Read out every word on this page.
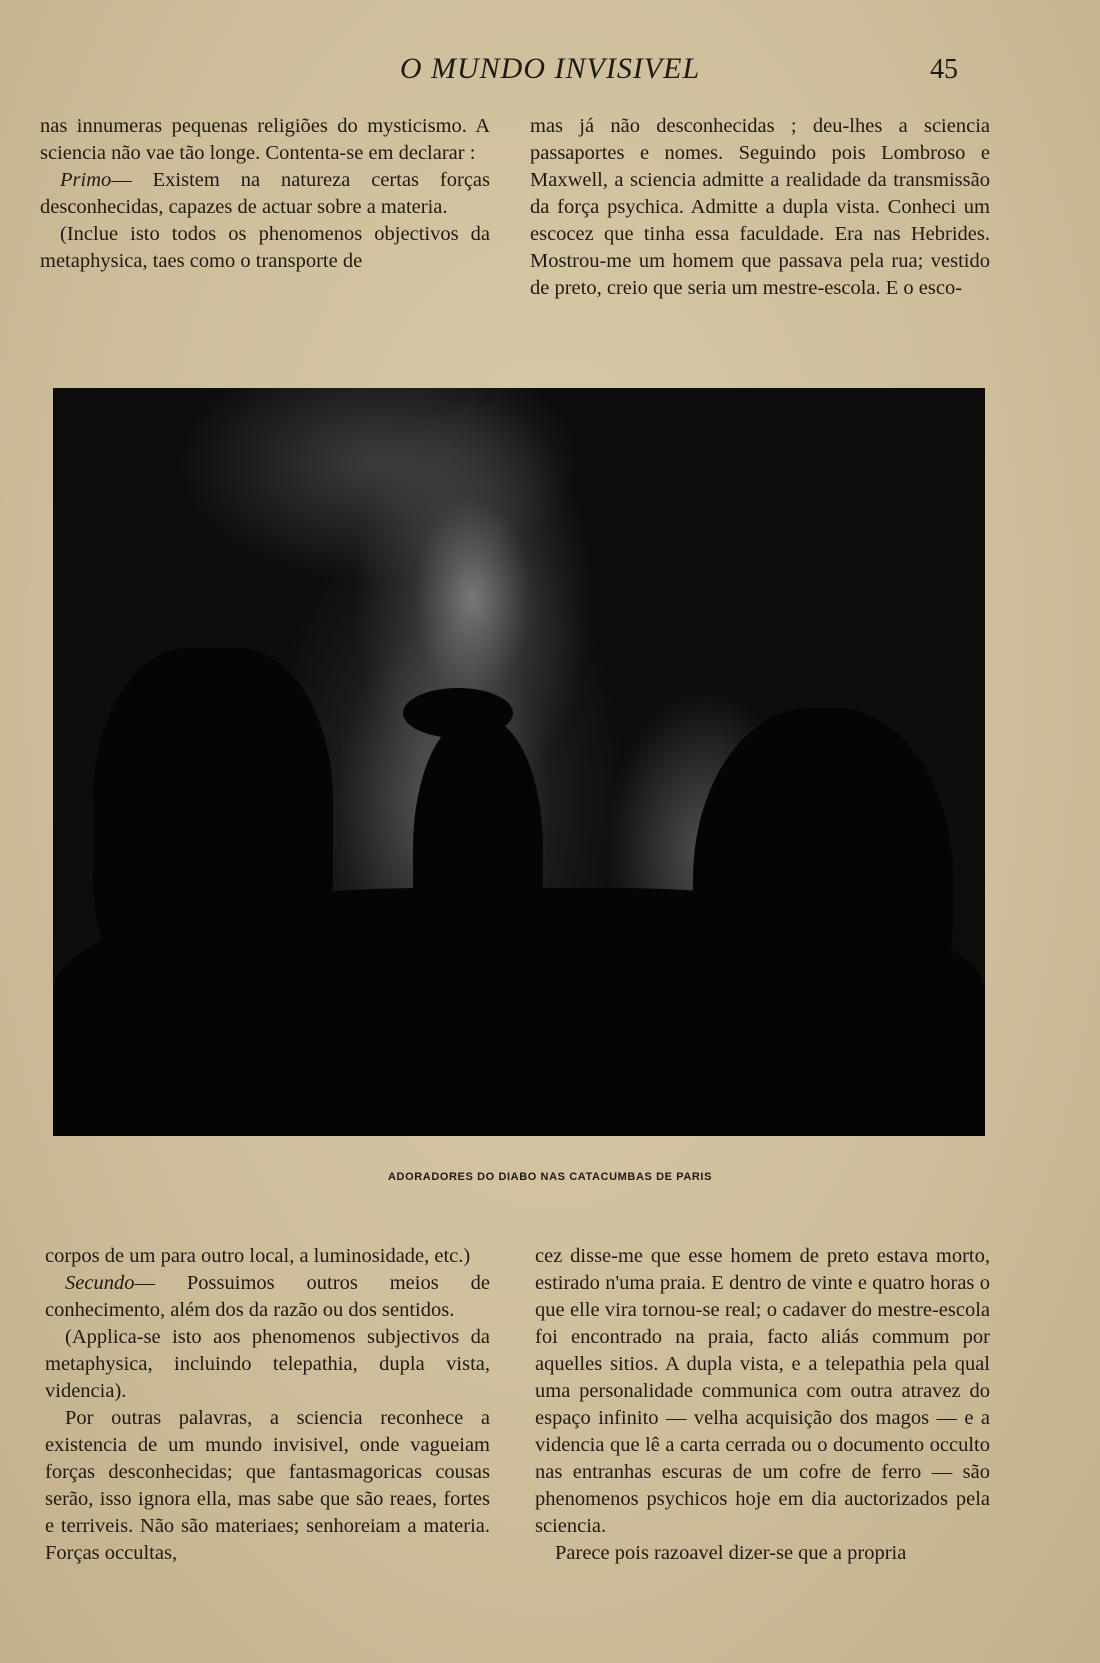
O MUNDO INVISIVEL	45

nas innumeras pequenas religiões do mysticismo. A sciencia não vae tão longe. Contenta-se em declarar :

Primo— Existem na natureza certas forças desconhecidas, capazes de actuar sobre a materia.

(Inclue isto todos os phenomenos objectivos da metaphysica, taes como o transporte de

mas já não desconhecidas ; deu-lhes a sciencia passaportes e nomes. Seguindo pois Lombroso e Maxwell, a sciencia admitte a realidade da transmissão da força psychica. Admitte a dupla vista. Conheci um escocez que tinha essa faculdade. Era nas Hebrides. Mostrou-me um homem que passava pela rua; vestido de preto, creio que seria um mestre-escola. E o esco-

ADORADORES DO DIABO NAS CATACUMBAS DE PARIS

corpos de um para outro local, a luminosidade, etc.)

Secundo— Possuimos outros meios de conhecimento, além dos da razão ou dos sentidos.

(Applica-se isto aos phenomenos subjectivos da metaphysica, incluindo telepathia, dupla vista, videncia).

Por outras palavras, a sciencia reconhece a existencia de um mundo invisivel, onde vagueiam forças desconhecidas; que fantasmagoricas cousas serão, isso ignora ella, mas sabe que são reaes, fortes e terriveis. Não são materiaes; senhoreiam a materia. Forças occultas,

cez disse-me que esse homem de preto estava morto, estirado n'uma praia. E dentro de vinte e quatro horas o que elle vira tornou-se real; o cadaver do mestre-escola foi encontrado na praia, facto aliás commum por aquelles sitios. A dupla vista, e a telepathia pela qual uma personalidade communica com outra atravez do espaço infinito — velha acquisição dos magos — e a videncia que lê a carta cerrada ou o documento occulto nas entranhas escuras de um cofre de ferro — são phenomenos psychicos hoje em dia auctorizados pela sciencia.

Parece pois razoavel dizer-se que a propria
